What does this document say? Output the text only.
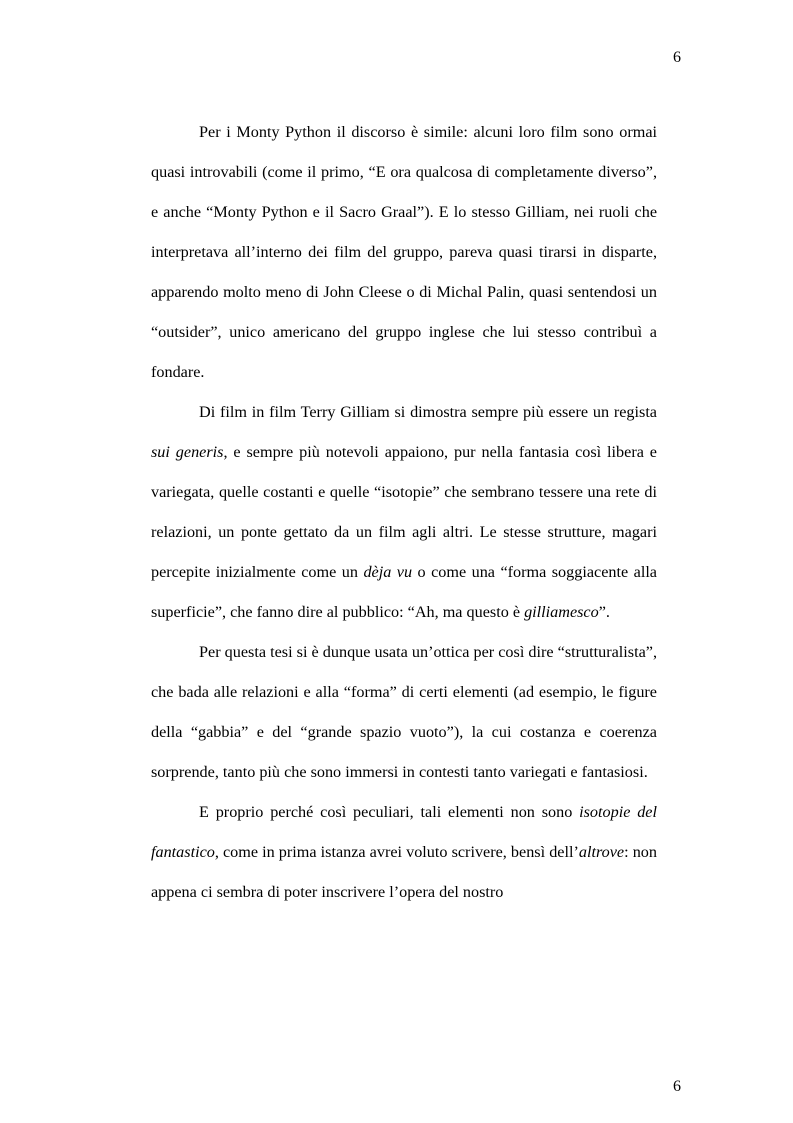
6

Per i Monty Python il discorso è simile: alcuni loro film sono ormai quasi introvabili (come il primo, “E ora qualcosa di completamente diverso”, e anche “Monty Python e il Sacro Graal”). E lo stesso Gilliam, nei ruoli che interpretava all’interno dei film del gruppo, pareva quasi tirarsi in disparte, apparendo molto meno di John Cleese o di Michal Palin, quasi sentendosi un “outsider”, unico americano del gruppo inglese che lui stesso contribuì a fondare.

Di film in film Terry Gilliam si dimostra sempre più essere un regista sui generis, e sempre più notevoli appaiono, pur nella fantasia così libera e variegata, quelle costanti e quelle “isotopie” che sembrano tessere una rete di relazioni, un ponte gettato da un film agli altri. Le stesse strutture, magari percepite inizialmente come un dèja vu o come una “forma soggiacente alla superficie”, che fanno dire al pubblico: “Ah, ma questo è gilliamesco”.

Per questa tesi si è dunque usata un’ottica per così dire “strutturalista”, che bada alle relazioni e alla “forma” di certi elementi (ad esempio, le figure della “gabbia” e del “grande spazio vuoto”), la cui costanza e coerenza sorprende, tanto più che sono immersi in contesti tanto variegati e fantasiosi.

E proprio perché così peculiari, tali elementi non sono isotopie del fantastico, come in prima istanza avrei voluto scrivere, bensì dell’altrove: non appena ci sembra di poter inscrivere l’opera del nostro

6
